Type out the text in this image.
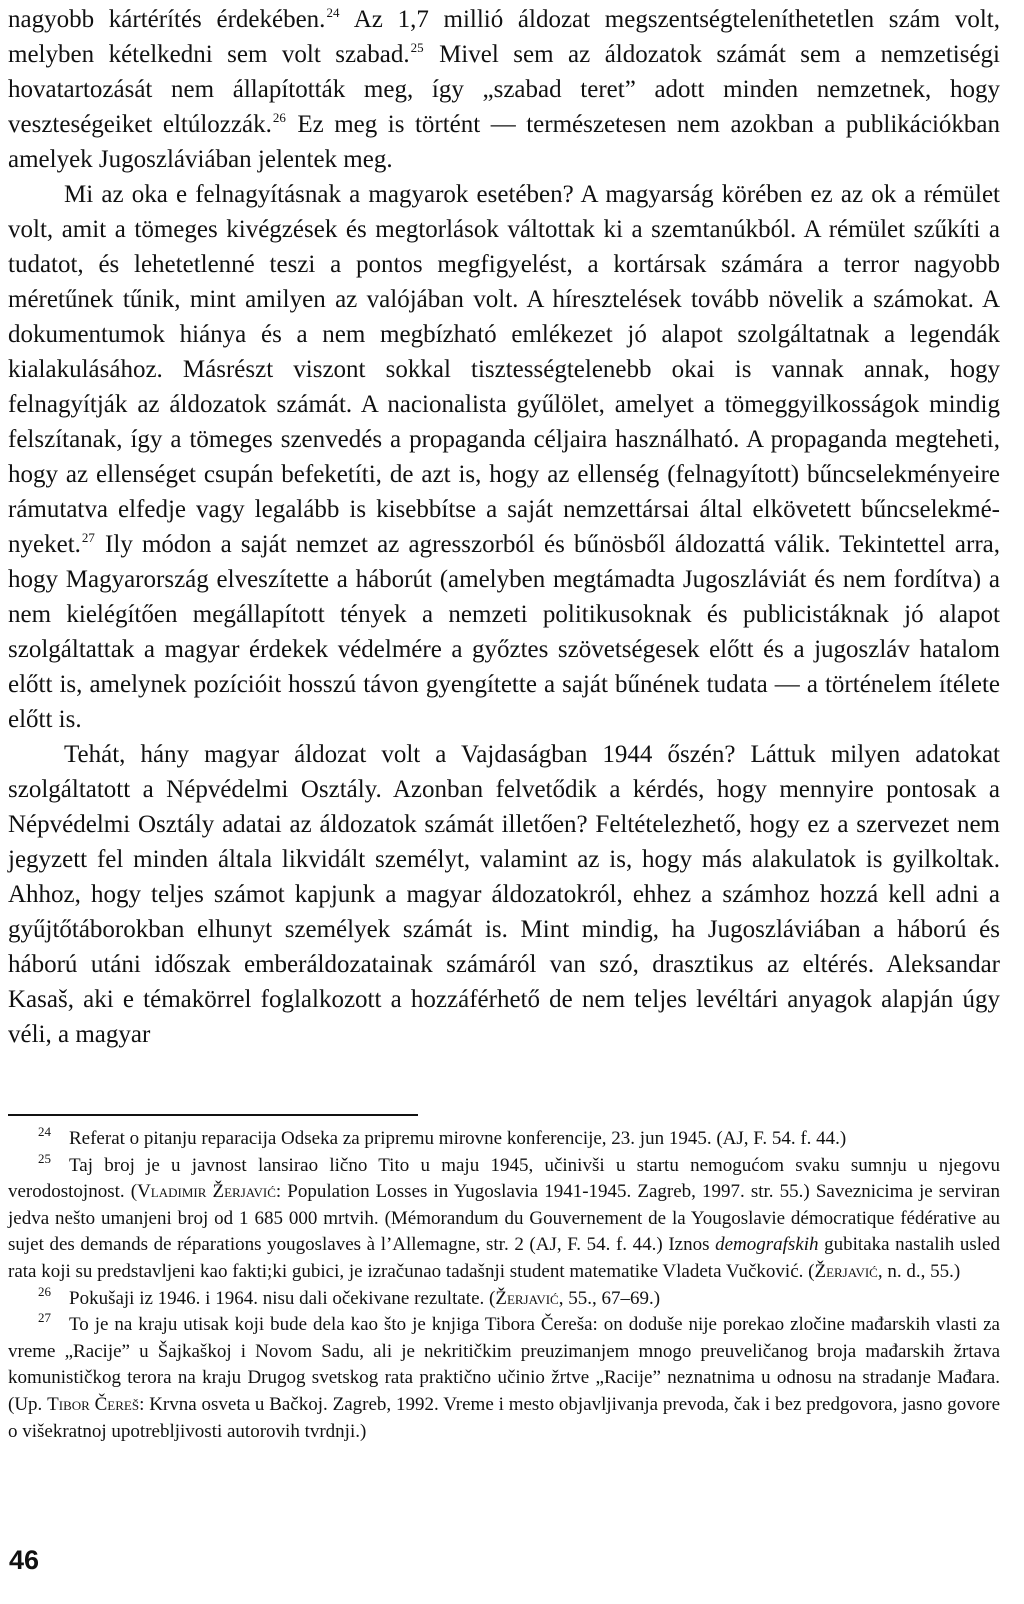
nagyobb kártérítés érdekében.$^{24}$ Az 1,7 millió áldozat megszentségteleníthetetlen szám volt, melyben kételkedni sem volt szabad.$^{25}$ Mivel sem az áldozatok számát sem a nemzetiségi hovatartozását nem állapították meg, így „szabad teret” adott minden nemzetnek, hogy veszteségeiket eltúlozzák.$^{26}$ Ez meg is történt — természetesen nem azokban a publikációkban amelyek Jugoszláviában jelentek meg.

Mi az oka e felnagyításnak a magyarok esetében? A magyarság körében ez az ok a rémület volt, amit a tömeges kivégzések és megtorlások váltottak ki a szemtanúkból. A rémület szűkíti a tudatot, és lehetetlenné teszi a pontos megfigyelést, a kortársak számára a terror nagyobb méretűnek tűnik, mint amilyen az valójában volt. A híresztelések tovább növelik a számokat. A dokumentumok hiánya és a nem megbízható emlékezet jó alapot szolgáltatnak a legendák kialakulásához. Másrészt viszont sokkal tisztességtelenebb okai is vannak annak, hogy felnagyítják az áldozatok számát. A nacionalista gyűlölet, amelyet a tömeggyilkosságok mindig felszítanak, így a tömeges szenvedés a propaganda céljaira használható. A propaganda megteheti, hogy az ellenséget csupán befeketíti, de azt is, hogy az ellenség (felnagyított) bűncselekményeire rámutatva elfedje vagy legalább is kisebbítse a saját nemzettársai által elkövetett bűncselekményeket.$^{27}$ Ily módon a saját nemzet az agresszorból és bűnösből áldozattá válik. Tekintettel arra, hogy Magyarország elveszítette a háborút (amelyben megtámadta Jugoszláviát és nem fordítva) a nem kielégítően megállapított tények a nemzeti politikusoknak és publicistáknak jó alapot szolgáltattak a magyar érdekek védelmére a győztes szövetségesek előtt és a jugoszláv hatalom előtt is, amelynek pozícióit hosszú távon gyengítette a saját bűnének tudata — a történelem ítélete előtt is.

Tehát, hány magyar áldozat volt a Vajdaságban 1944 őszén? Láttuk milyen adatokat szolgáltatott a Népvédelmi Osztály. Azonban felvetődik a kérdés, hogy mennyire pontosak a Népvédelmi Osztály adatai az áldozatok számát illetően? Feltételezhető, hogy ez a szervezet nem jegyzett fel minden általa likvidált személyt, valamint az is, hogy más alakulatok is gyilkoltak. Ahhoz, hogy teljes számot kapjunk a magyar áldozatokról, ehhez a számhoz hozzá kell adni a gyűjtőtáborokban elhunyt személyek számát is. Mint mindig, ha Jugoszláviában a háború és háború utáni időszak emberáldozatainak számáról van szó, drasztikus az eltérés. Aleksandar Kasaš, aki e témakörrel foglalkozott a hozzáférhető de nem teljes levéltári anyagok alapján úgy véli, a magyar

$^{24}$ Referat o pitanju reparacija Odseka za pripremu mirovne konferencije, 23. jun 1945. (AJ, F. 54. f. 44.)

$^{25}$ Taj broj je u javnost lansirao lično Tito u maju 1945, učinivši u startu nemogućom svaku sumnju u njegovu verodostojnost. (Vladimir Žerjavić: Population Losses in Yugoslavia 1941-1945. Zagreb, 1997. str. 55.) Saveznicima je serviran jedva nešto umanjeni broj od 1 685 000 mrtvih. (Mémorandum du Gouvernement de la Yougoslavie démocratique fédérative au sujet des demands de réparations yougoslaves à l’Allemagne, str. 2 (AJ, F. 54. f. 44.) Iznos demografskih gubitaka nastalih usled rata koji su predstavljeni kao fakti;ki gubici, je izračunao tadašnji student matematike Vladeta Vučković. (Žerjavić, n. d., 55.)

$^{26}$ Pokušaji iz 1946. i 1964. nisu dali očekivane rezultate. (Žerjavić, 55., 67–69.)

$^{27}$ To je na kraju utisak koji bude dela kao što je knjiga Tibora Čereša: on doduše nije porekao zločine mađarskih vlasti za vreme „Racije” u Šajkaškoj i Novom Sadu, ali je nekritičkim preuzimanjem mnogo preuveličanog broja mađarskih žrtava komunističkog terora na kraju Drugog svetskog rata praktično učinio žrtve „Racije” neznatnima u odnosu na stradanje Mađara. (Up. Tibor Čereš: Krvna osveta u Bačkoj. Zagreb, 1992. Vreme i mesto objavljivanja prevoda, čak i bez predgovora, jasno govore o višekratnoj upotrebljivosti autorovih tvrdnji.)

46
